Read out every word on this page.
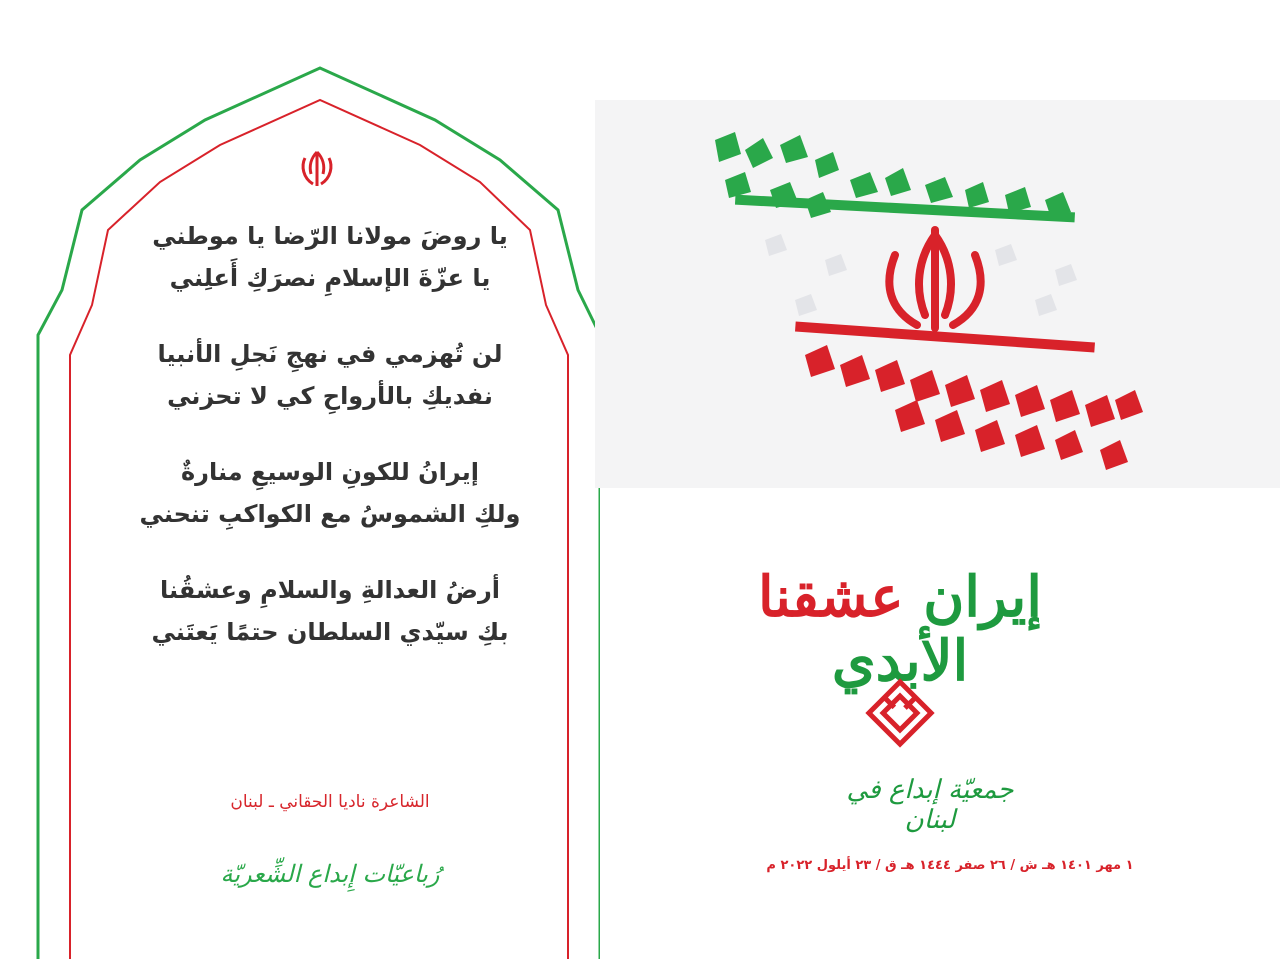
يا روضَ مولانا الرّضا يا موطني
يا عزّةَ الإسلامِ نصرَكِ أَعلِني
لن تُهزمي في نهجِ نَجلِ الأنبيا
نفديكِ بالأرواحِ كي لا تحزني
إيرانُ للكونِ الوسيعِ منارةٌ
ولكِ الشموسُ مع الكواكبِ تنحني
أرضُ العدالةِ والسلامِ وعشقُنا
بكِ سيّدي السلطان حتمًا يَعتَني
الشاعرة ناديا الحقاني ـ لبنان
رُباعيّات إِبداع الشِّعريّة
إيران عشقنا الأبدي
جمعيّة إبداع في لبنان
١ مهر ١٤٠١ هـ ش / ٢٦ صفر ١٤٤٤ هـ ق / ٢٣ أيلول ٢٠٢٢ م
